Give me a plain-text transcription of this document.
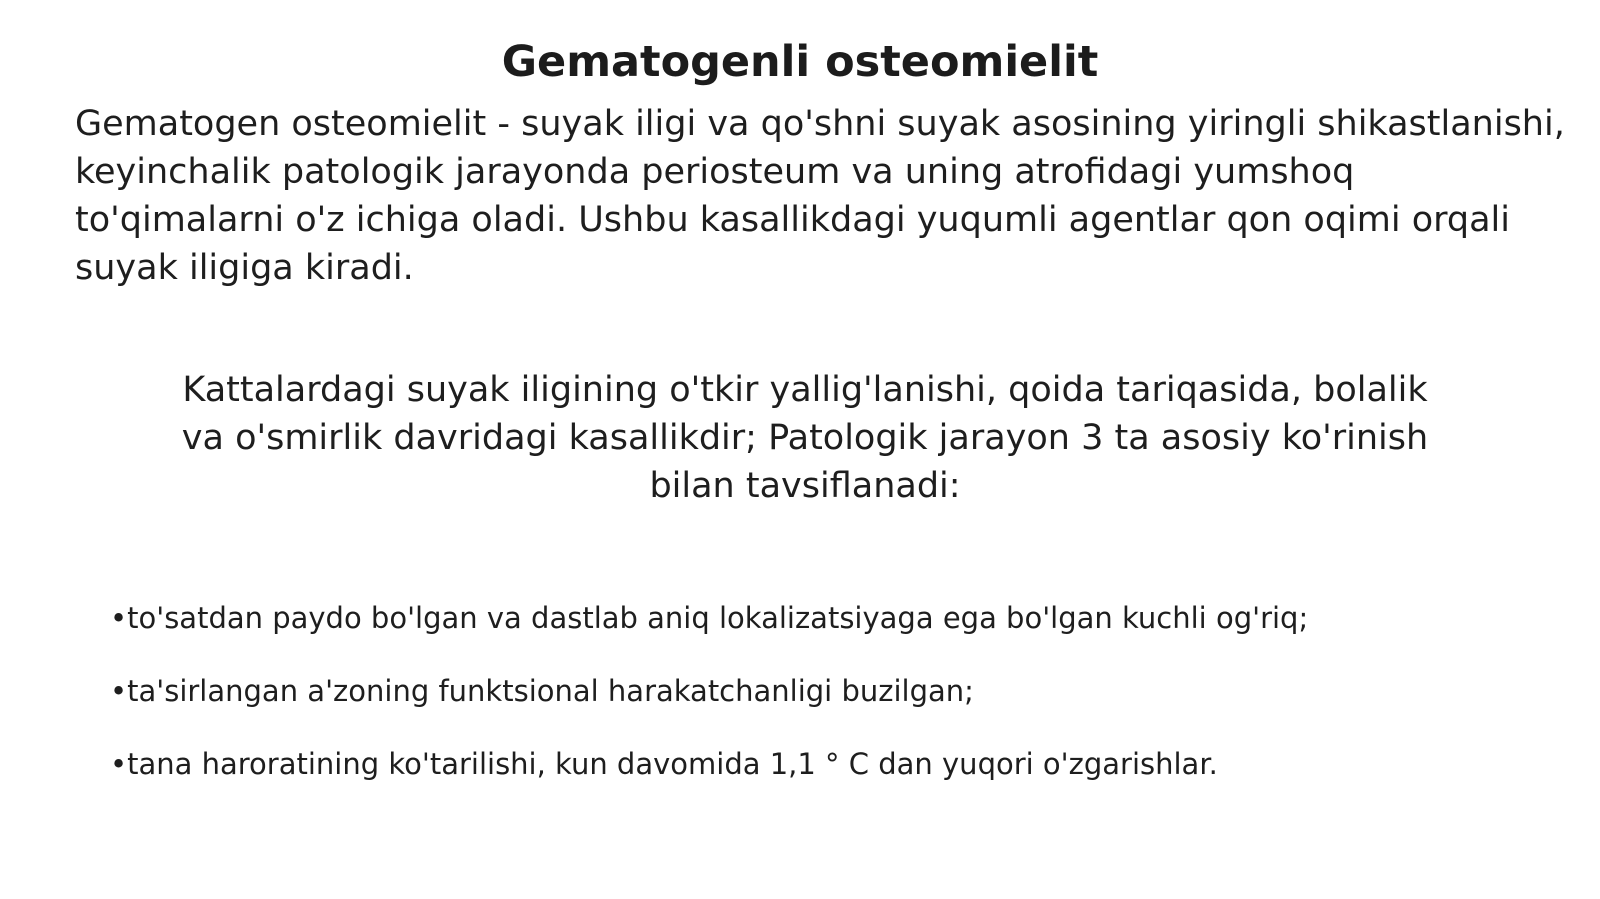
Gematogenli osteomielit

Gematogen osteomielit - suyak iligi va qo'shni suyak asosining yiringli shikastlanishi, keyinchalik patologik jarayonda periosteum va uning atrofidagi yumshoq to'qimalarni o'z ichiga oladi. Ushbu kasallikdagi yuqumli agentlar qon oqimi orqali suyak iligiga kiradi.

Kattalardagi suyak iligining o'tkir yallig'lanishi, qoida tariqasida, bolalik va o'smirlik davridagi kasallikdir; Patologik jarayon 3 ta asosiy ko'rinish bilan tavsiflanadi:

•to'satdan paydo bo'lgan va dastlab aniq lokalizatsiyaga ega bo'lgan kuchli og'riq;
•ta'sirlangan a'zoning funktsional harakatchanligi buzilgan;
•tana haroratining ko'tarilishi, kun davomida 1,1 ° C dan yuqori o'zgarishlar.
